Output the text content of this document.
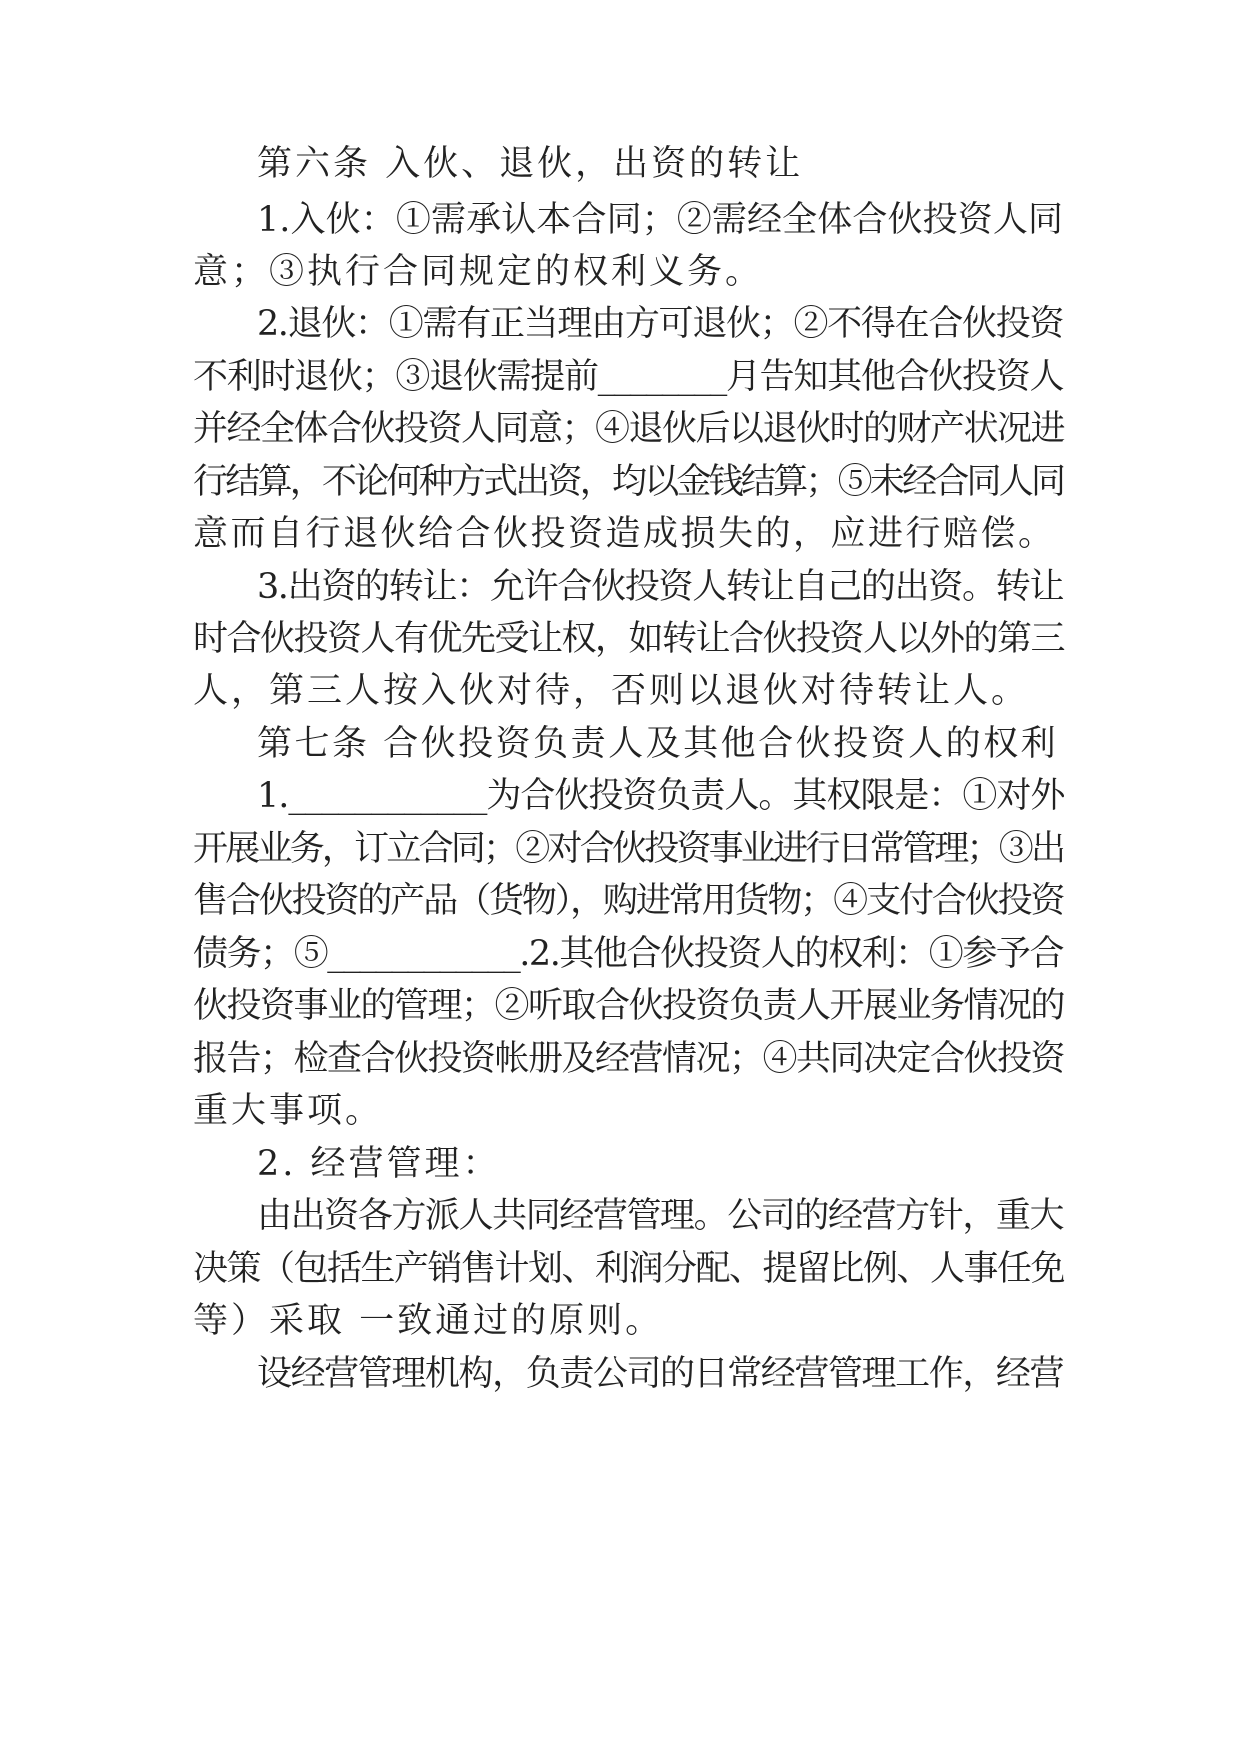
第六条 入伙、退伙，出资的转让
1.入伙：①需承认本合同；②需经全体合伙投资人同
意；③执行合同规定的权利义务。
2.退伙：①需有正当理由方可退伙；②不得在合伙投资
不利时退伙；③退伙需提前________月告知其他合伙投资人
并经全体合伙投资人同意；④退伙后以退伙时的财产状况进
行结算，不论何种方式出资，均以金钱结算；⑤未经合同人同
意而自行退伙给合伙投资造成损失的，应进行赔偿。
3.出资的转让：允许合伙投资人转让自己的出资。转让
时合伙投资人有优先受让权，如转让合伙投资人以外的第三
人，第三人按入伙对待，否则以退伙对待转让人。
第七条 合伙投资负责人及其他合伙投资人的权利
1.____________为合伙投资负责人。其权限是：①对外
开展业务，订立合同；②对合伙投资事业进行日常管理；③出
售合伙投资的产品（货物），购进常用货物；④支付合伙投资
债务；⑤____________.2.其他合伙投资人的权利：①参予合
伙投资事业的管理；②听取合伙投资负责人开展业务情况的
报告；检查合伙投资帐册及经营情况；④共同决定合伙投资
重大事项。
2. 经营管理：
由出资各方派人共同经营管理。公司的经营方针，重大
决策（包括生产销售计划、利润分配、提留比例、人事任免
等）采取 一致通过的原则。
设经营管理机构，负责公司的日常经营管理工作，经营
